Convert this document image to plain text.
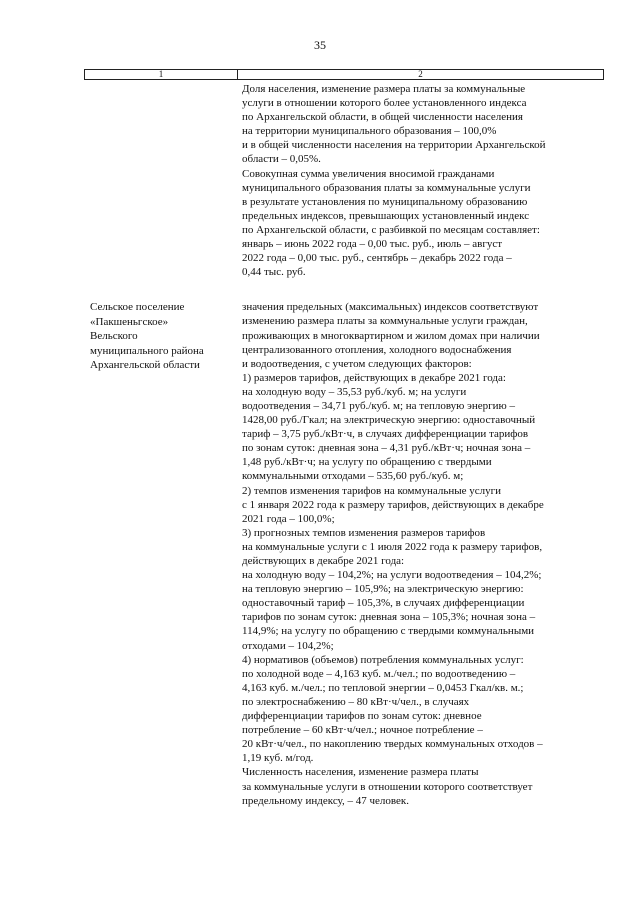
35
1	2
Доля населения, изменение размера платы за коммунальные
услуги в отношении которого более установленного индекса
по Архангельской области, в общей численности населения
на территории муниципального образования – 100,0%
и в общей численности населения на территории Архангельской
области – 0,05%.
Совокупная сумма увеличения вносимой гражданами
муниципального образования платы за коммунальные услуги
в результате установления по муниципальному образованию
предельных индексов, превышающих установленный индекс
по Архангельской области, с разбивкой по месяцам составляет:
январь – июнь 2022 года – 0,00 тыс. руб., июль – август
2022 года – 0,00 тыс. руб., сентябрь – декабрь 2022 года –
0,44 тыс. руб.
Сельское поселение
«Пакшеньгское»
Вельского
муниципального района
Архангельской области
значения предельных (максимальных) индексов соответствуют
изменению размера платы за коммунальные услуги граждан,
проживающих в многоквартирном и жилом домах при наличии
централизованного отопления, холодного водоснабжения
и водоотведения, с учетом следующих факторов:
1) размеров тарифов, действующих в декабре 2021 года:
на холодную воду – 35,53 руб./куб. м; на услуги
водоотведения – 34,71 руб./куб. м; на тепловую энергию –
1428,00 руб./Гкал; на электрическую энергию: одноставочный
тариф – 3,75 руб./кВт·ч, в случаях дифференциации тарифов
по зонам суток: дневная зона – 4,31 руб./кВт·ч; ночная зона –
1,48 руб./кВт·ч; на услугу по обращению с твердыми
коммунальными отходами – 535,60 руб./куб. м;
2) темпов изменения тарифов на коммунальные услуги
с 1 января 2022 года к размеру тарифов, действующих в декабре
2021 года – 100,0%;
3) прогнозных темпов изменения размеров тарифов
на коммунальные услуги с 1 июля 2022 года к размеру тарифов,
действующих в декабре 2021 года:
на холодную воду – 104,2%; на услуги водоотведения – 104,2%;
на тепловую энергию – 105,9%; на электрическую энергию:
одноставочный тариф – 105,3%, в случаях дифференциации
тарифов по зонам суток: дневная зона – 105,3%; ночная зона –
114,9%; на услугу по обращению с твердыми коммунальными
отходами – 104,2%;
4) нормативов (объемов) потребления коммунальных услуг:
по холодной воде – 4,163 куб. м./чел.; по водоотведению –
4,163 куб. м./чел.; по тепловой энергии – 0,0453 Гкал/кв. м.;
по электроснабжению – 80 кВт·ч/чел., в случаях
дифференциации тарифов по зонам суток: дневное
потребление – 60 кВт·ч/чел.; ночное потребление –
20 кВт·ч/чел., по накоплению твердых коммунальных отходов –
1,19 куб. м/год.
Численность населения, изменение размера платы
за коммунальные услуги в отношении которого соответствует
предельному индексу, – 47 человек.
